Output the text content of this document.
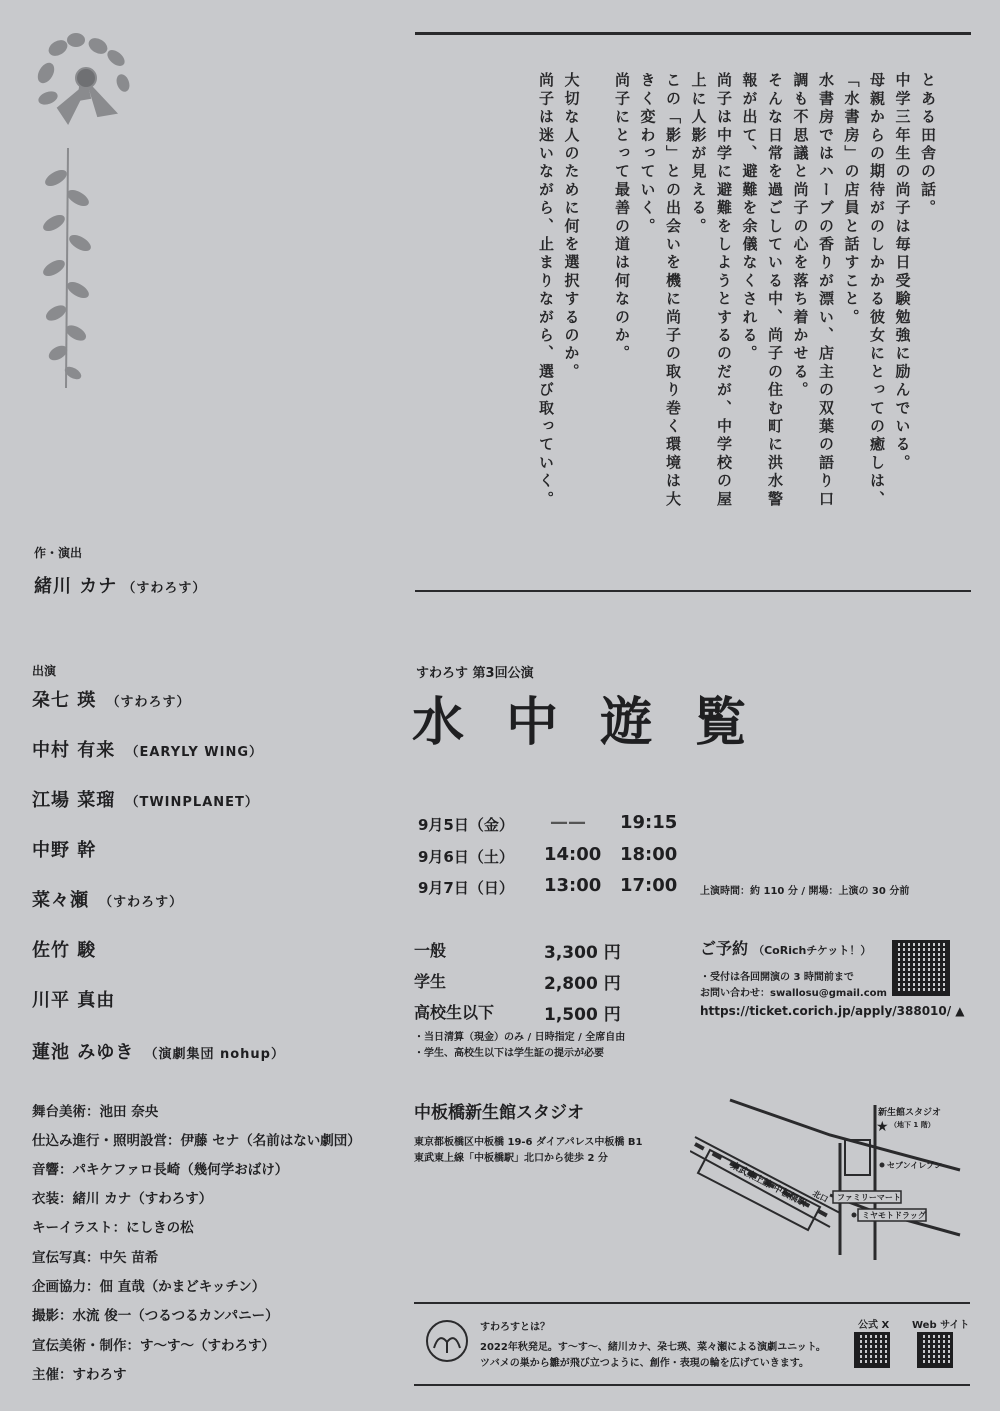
とある田舎の話。

中学三年生の尚子は毎日受験勉強に励んでいる。

母親からの期待がのしかかる彼女にとっての癒しは、

「水書房」の店員と話すこと。

水書房ではハーブの香りが漂い、店主の双葉の語り口

調も不思議と尚子の心を落ち着かせる。

そんな日常を過ごしている中、尚子の住む町に洪水警

報が出て、避難を余儀なくされる。

尚子は中学に避難をしようとするのだが、中学校の屋

上に人影が見える。

この「影」との出会いを機に尚子の取り巻く環境は大

きく変わっていく。

尚子にとって最善の道は何なのか。

大切な人のために何を選択するのか。

尚子は迷いながら、止まりながら、選び取っていく。

作・演出
緒川 カナ （すわろす）
出演
朶七 瑛 （すわろす）
中村 有来 （EARYLY WING）
江場 菜瑠 （TWINPLANET）
中野 幹
菜々瀬 （すわろす）
佐竹 駿
川平 真由
蓮池 みゆき （演劇集団 nohup）
舞台美術：池田 奈央
仕込み進行・照明設営：伊藤 セナ（名前はない劇団）
音響：パキケファロ長崎（幾何学おばけ）
衣装：緒川 カナ（すわろす）
キーイラスト：にしきの松
宣伝写真：中矢 苗希
企画協力：佃 直哉（かまどキッチン）
撮影：水流 俊一（つるつるカンパニー）
宣伝美術・制作：す〜す〜（すわろす）
主催：すわろす
すわろす 第3回公演
水 中 遊 覧
9月5日（金） —— 19:15
9月6日（土） 14:00 18:00
9月7日（日） 13:00 17:00 上演時間：約 110 分 / 開場：上演の 30 分前
一般	3,300 円
学生	2,800 円
高校生以下	1,500 円
・当日清算（現金）のみ / 日時指定 / 全席自由
・学生、高校生以下は学生証の提示が必要
ご予約 （CoRichチケット！）
・受付は各回開演の 3 時間前まで
お問い合わせ：swallosu@gmail.com
https://ticket.corich.jp/apply/388010/ ▲
中板橋新生館スタジオ
東京都板橋区中板橋 19-6 ダイアパレス中板橋 B1
東武東上線「中板橋駅」北口から徒歩 2 分
★
新生館スタジオ
（地下 1 階）
セブンイレブン
ファミリーマート
ミヤモトドラッグ
北口
東武東上線 中板橋駅
すわろすとは？
2022年秋発足。す〜す〜、緒川カナ、朶七瑛、菜々瀬による演劇ユニット。
ツバメの巣から雛が飛び立つように、創作・表現の輪を広げていきます。
公式 X Web サイト
